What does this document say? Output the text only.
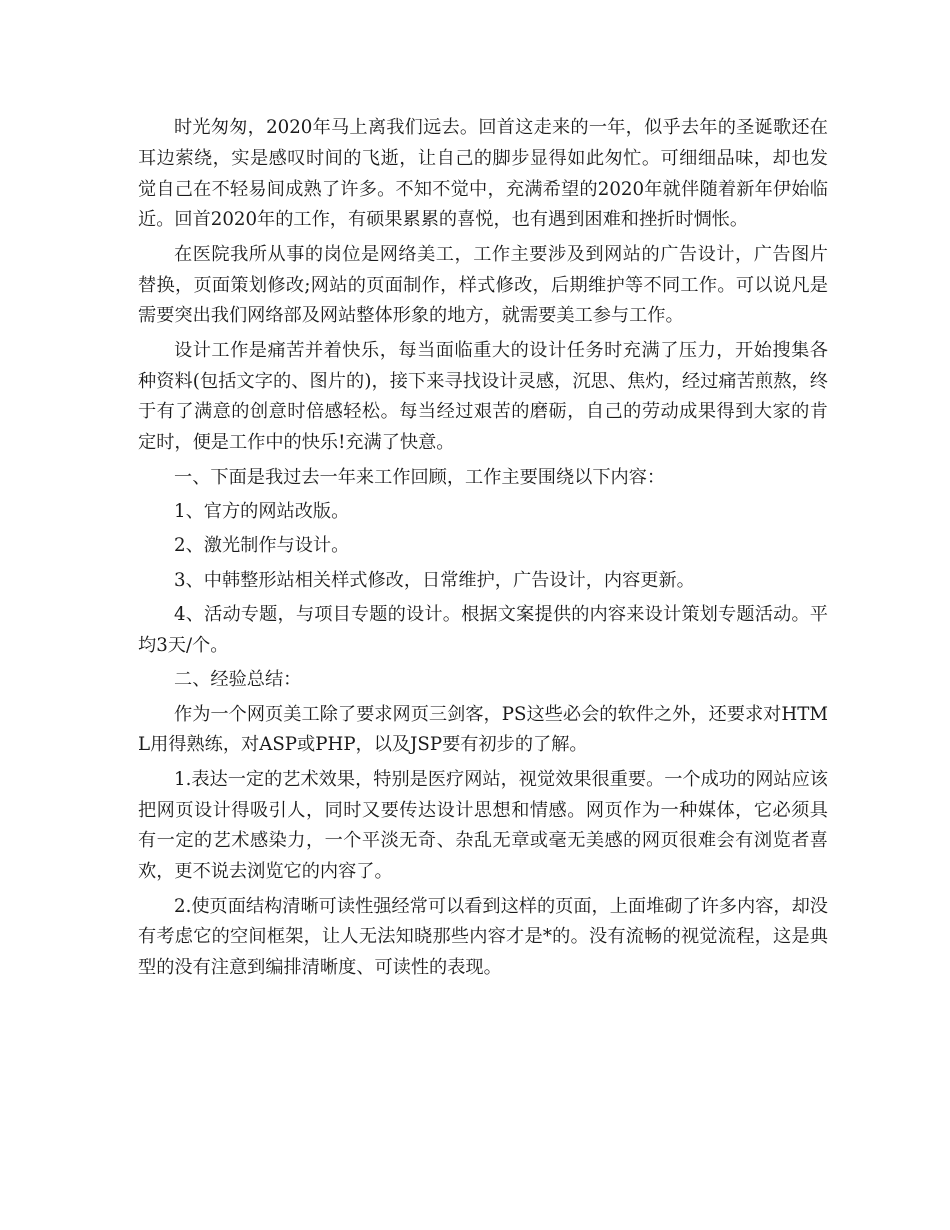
时光匆匆，2020年马上离我们远去。回首这走来的一年，似乎去年的圣诞歌还在耳边萦绕，实是感叹时间的飞逝，让自己的脚步显得如此匆忙。可细细品味，却也发觉自己在不轻易间成熟了许多。不知不觉中，充满希望的2020年就伴随着新年伊始临近。回首2020年的工作，有硕果累累的喜悦，也有遇到困难和挫折时惆怅。

在医院我所从事的岗位是网络美工，工作主要涉及到网站的广告设计，广告图片替换，页面策划修改;网站的页面制作，样式修改，后期维护等不同工作。可以说凡是需要突出我们网络部及网站整体形象的地方，就需要美工参与工作。

设计工作是痛苦并着快乐，每当面临重大的设计任务时充满了压力，开始搜集各种资料(包括文字的、图片的)，接下来寻找设计灵感，沉思、焦灼，经过痛苦煎熬，终于有了满意的创意时倍感轻松。每当经过艰苦的磨砺，自己的劳动成果得到大家的肯定时，便是工作中的快乐!充满了快意。

一、下面是我过去一年来工作回顾，工作主要围绕以下内容：

1、官方的网站改版。

2、激光制作与设计。

3、中韩整形站相关样式修改，日常维护，广告设计，内容更新。

4、活动专题，与项目专题的设计。根据文案提供的内容来设计策划专题活动。平均3天/个。

二、经验总结：

作为一个网页美工除了要求网页三剑客，PS这些必会的软件之外，还要求对HTML用得熟练，对ASP或PHP，以及JSP要有初步的了解。

1.表达一定的艺术效果，特别是医疗网站，视觉效果很重要。一个成功的网站应该把网页设计得吸引人，同时又要传达设计思想和情感。网页作为一种媒体，它必须具有一定的艺术感染力，一个平淡无奇、杂乱无章或毫无美感的网页很难会有浏览者喜欢，更不说去浏览它的内容了。

2.使页面结构清晰可读性强经常可以看到这样的页面，上面堆砌了许多内容，却没有考虑它的空间框架，让人无法知晓那些内容才是*的。没有流畅的视觉流程，这是典型的没有注意到编排清晰度、可读性的表现。
